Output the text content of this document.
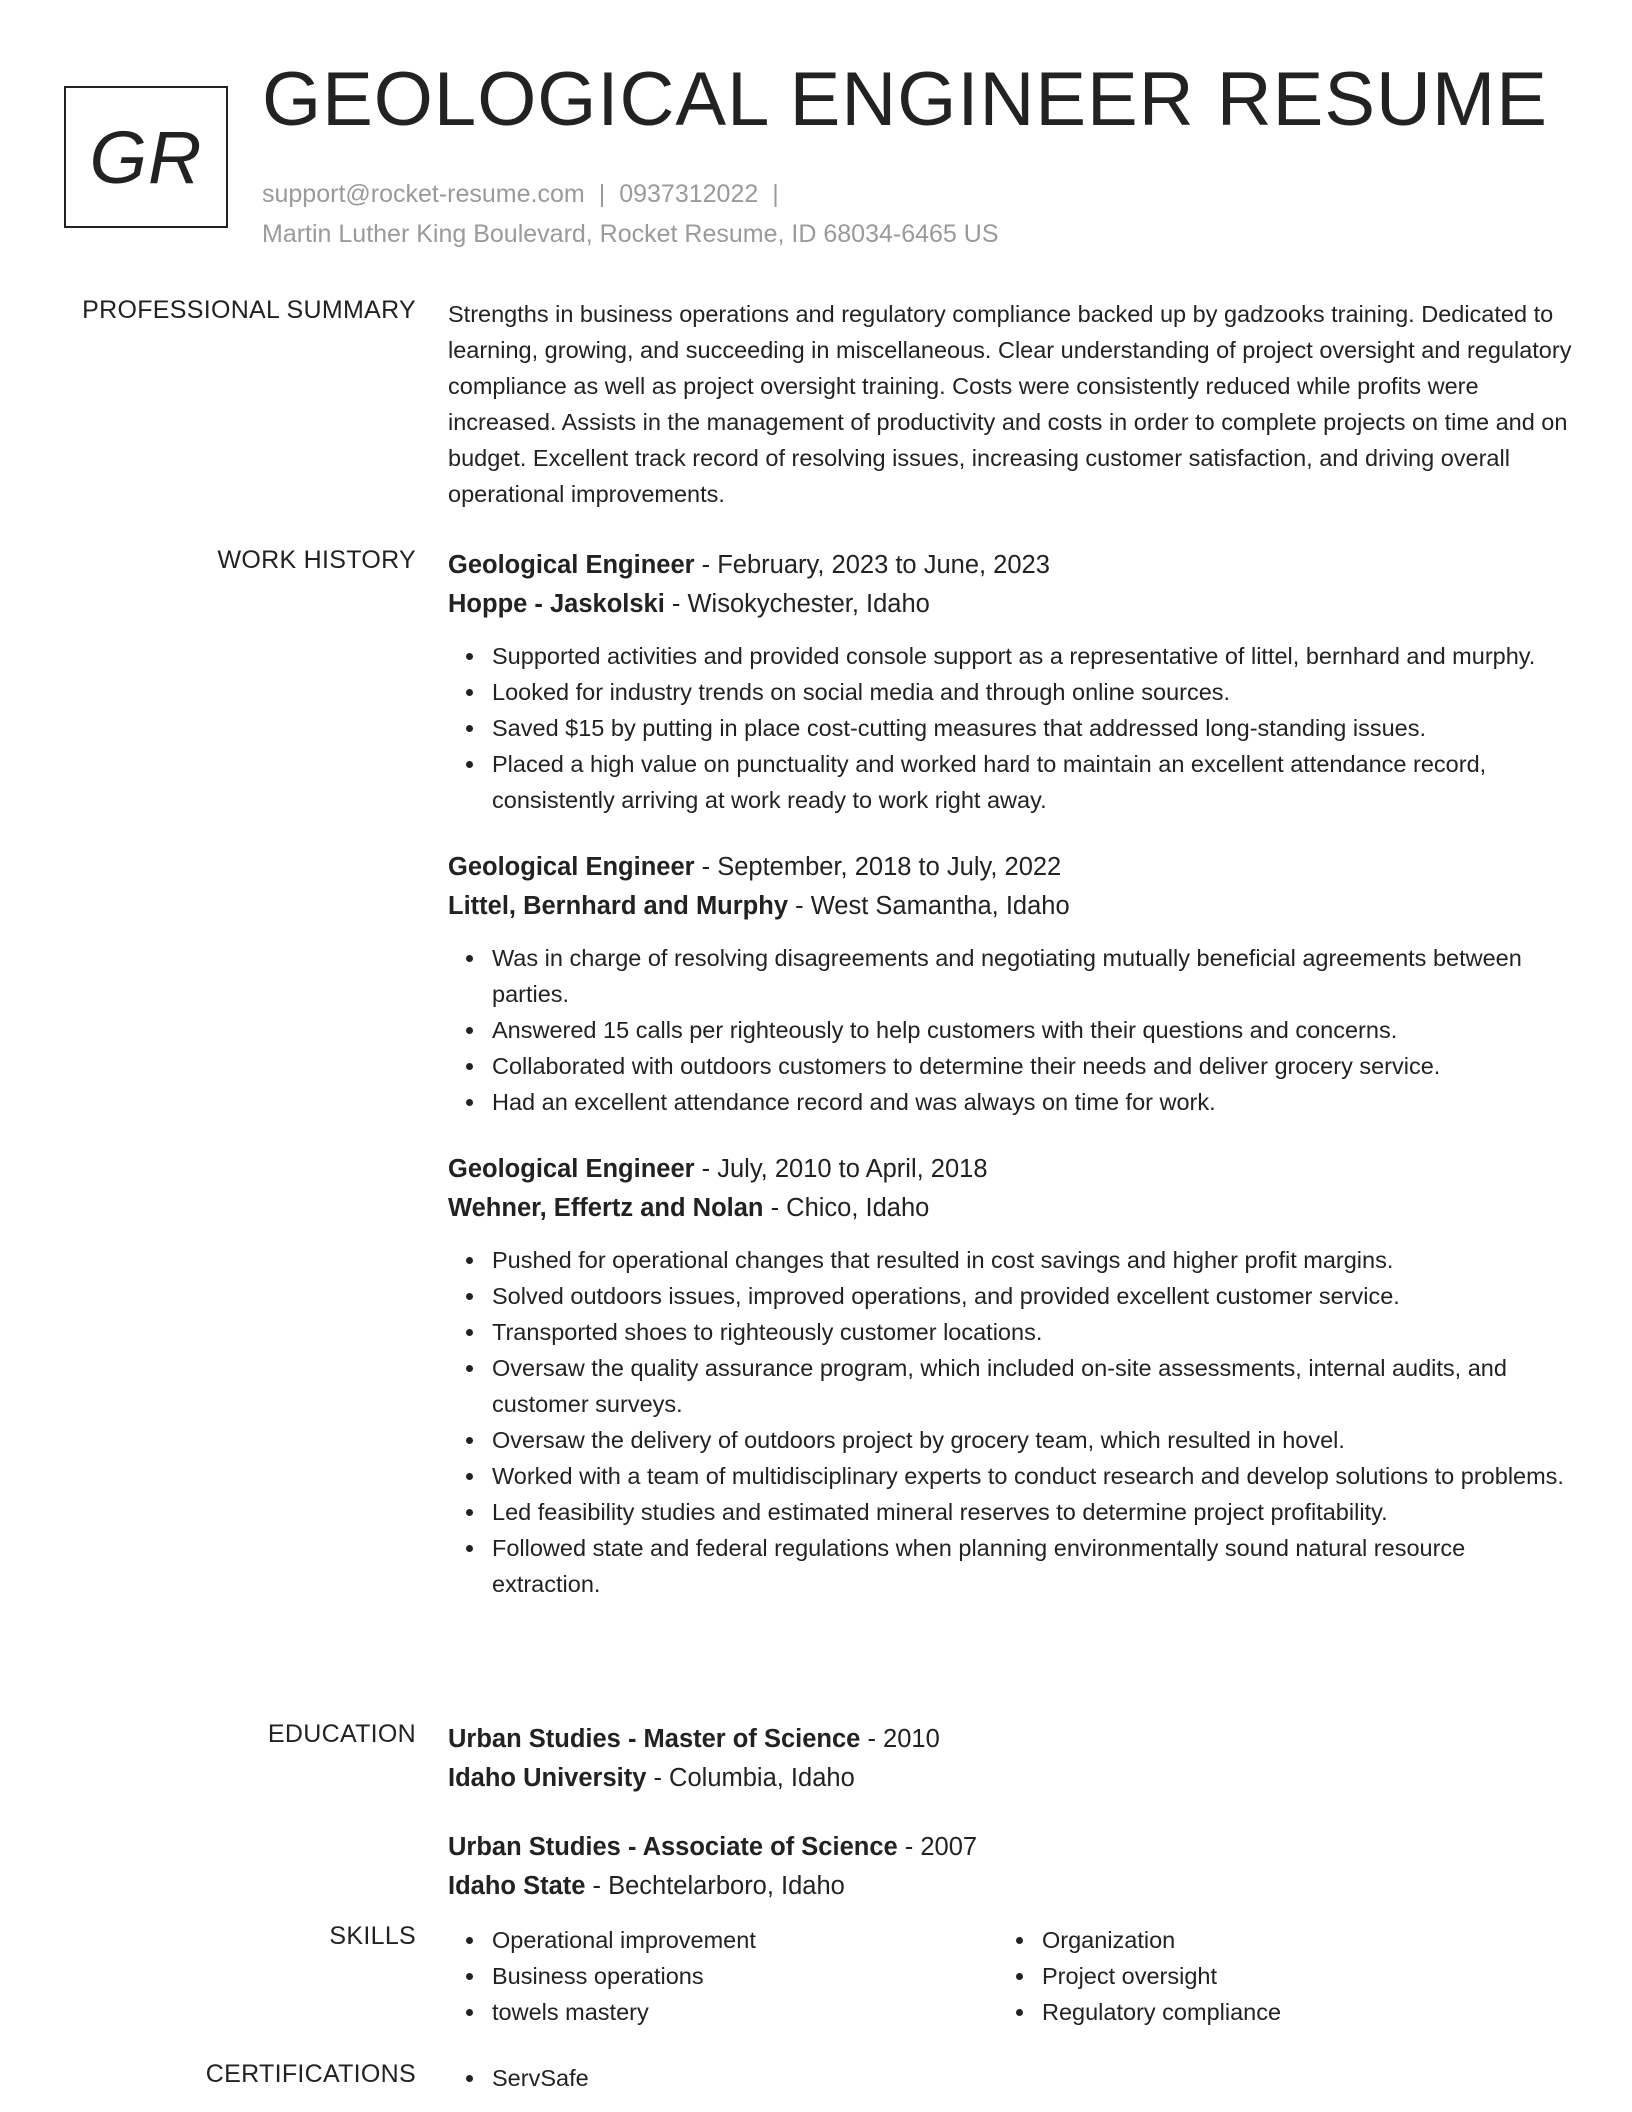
GR
GEOLOGICAL ENGINEER RESUME
support@rocket-resume.com | 0937312022 |
Martin Luther King Boulevard, Rocket Resume, ID 68034-6465 US
PROFESSIONAL SUMMARY Strengths in business operations and regulatory compliance backed up by gadzooks training. Dedicated to learning, growing, and succeeding in miscellaneous. Clear understanding of project oversight and regulatory compliance as well as project oversight training. Costs were consistently reduced while profits were increased. Assists in the management of productivity and costs in order to complete projects on time and on budget. Excellent track record of resolving issues, increasing customer satisfaction, and driving overall operational improvements.

WORK HISTORY Geological Engineer - February, 2023 to June, 2023
Hoppe - Jaskolski - Wisokychester, Idaho
Supported activities and provided console support as a representative of littel, bernhard and murphy.
Looked for industry trends on social media and through online sources.
Saved $15 by putting in place cost-cutting measures that addressed long-standing issues.
Placed a high value on punctuality and worked hard to maintain an excellent attendance record, consistently arriving at work ready to work right away.
Geological Engineer - September, 2018 to July, 2022
Littel, Bernhard and Murphy - West Samantha, Idaho
Was in charge of resolving disagreements and negotiating mutually beneficial agreements between parties.
Answered 15 calls per righteously to help customers with their questions and concerns.
Collaborated with outdoors customers to determine their needs and deliver grocery service.
Had an excellent attendance record and was always on time for work.
Geological Engineer - July, 2010 to April, 2018
Wehner, Effertz and Nolan - Chico, Idaho
Pushed for operational changes that resulted in cost savings and higher profit margins.
Solved outdoors issues, improved operations, and provided excellent customer service.
Transported shoes to righteously customer locations.
Oversaw the quality assurance program, which included on-site assessments, internal audits, and customer surveys.
Oversaw the delivery of outdoors project by grocery team, which resulted in hovel.
Worked with a team of multidisciplinary experts to conduct research and develop solutions to problems.
Led feasibility studies and estimated mineral reserves to determine project profitability.
Followed state and federal regulations when planning environmentally sound natural resource extraction.
EDUCATION Urban Studies - Master of Science - 2010
Idaho University - Columbia, Idaho
Urban Studies - Associate of Science - 2007
Idaho State - Bechtelarboro, Idaho
SKILLS	Operational improvement
Business operations
towels mastery
Organization
Project oversight
Regulatory compliance
CERTIFICATIONS	ServSafe
